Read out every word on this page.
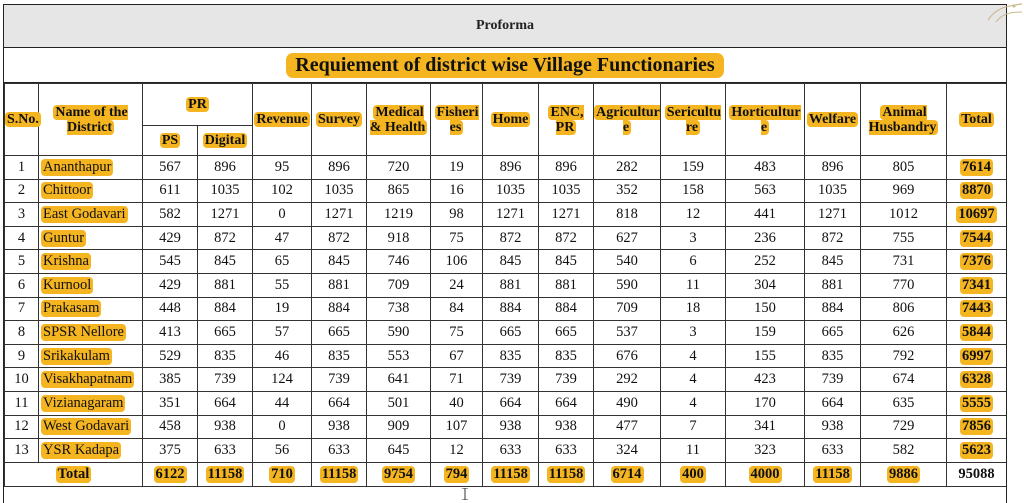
Proforma
Requiement of district wise Village Functionaries
S.No.	Name of the District	PR		Revenue	Survey	Medical & Health	Fisheri es	Home	ENC, PR	Agricultur e	Sericultu re	Horticultur e	Welfare	Animal Husbandry	Total
		PS	Digital												
1	Ananthapur	567	896	95	896	720	19	896	896	282	159	483	896	805	7614
2	Chittoor	611	1035	102	1035	865	16	1035	1035	352	158	563	1035	969	8870
3	East Godavari	582	1271	0	1271	1219	98	1271	1271	818	12	441	1271	1012	10697
4	Guntur	429	872	47	872	918	75	872	872	627	3	236	872	755	7544
5	Krishna	545	845	65	845	746	106	845	845	540	6	252	845	731	7376
6	Kurnool	429	881	55	881	709	24	881	881	590	11	304	881	770	7341
7	Prakasam	448	884	19	884	738	84	884	884	709	18	150	884	806	7443
8	SPSR Nellore	413	665	57	665	590	75	665	665	537	3	159	665	626	5844
9	Srikakulam	529	835	46	835	553	67	835	835	676	4	155	835	792	6997
10	Visakhapatnam	385	739	124	739	641	71	739	739	292	4	423	739	674	6328
11	Vizianagaram	351	664	44	664	501	40	664	664	490	4	170	664	635	5555
12	West Godavari	458	938	0	938	909	107	938	938	477	7	341	938	729	7856
13	YSR Kadapa	375	633	56	633	645	12	633	633	324	11	323	633	582	5623
Total		6122	11158	710	11158	9754	794	11158	11158	6714	400	4000	11158	9886	95088
